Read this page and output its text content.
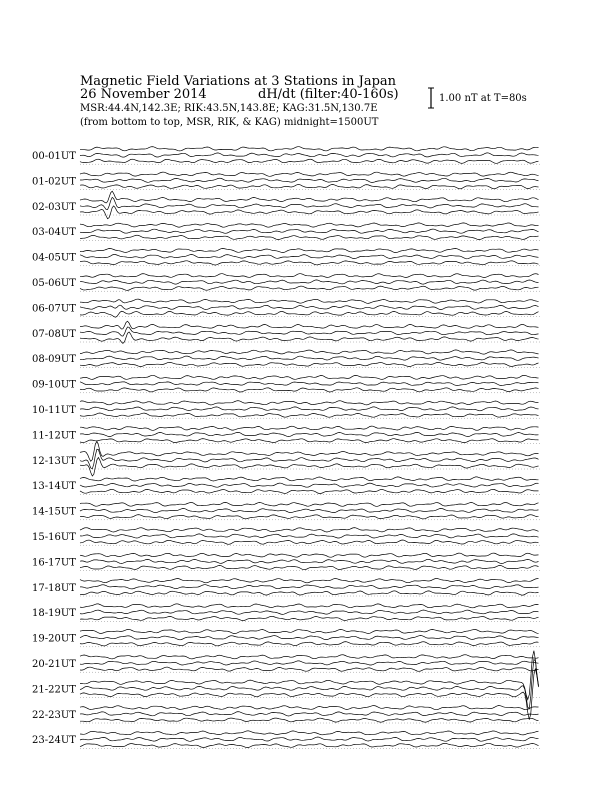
Magnetic Field Variations at 3 Stations in Japan
26 November 2014	dH/dt (filter:40-160s)
MSR:44.4N,142.3E; RIK:43.5N,143.8E; KAG:31.5N,130.7E
(from bottom to top, MSR, RIK, & KAG) midnight=1500UT
1.00 nT at T=80s
00-01UT
01-02UT
02-03UT
03-04UT
04-05UT
05-06UT
06-07UT
07-08UT
08-09UT
09-10UT
10-11UT
11-12UT
12-13UT
13-14UT
14-15UT
15-16UT
16-17UT
17-18UT
18-19UT
19-20UT
20-21UT
21-22UT
22-23UT
23-24UT
